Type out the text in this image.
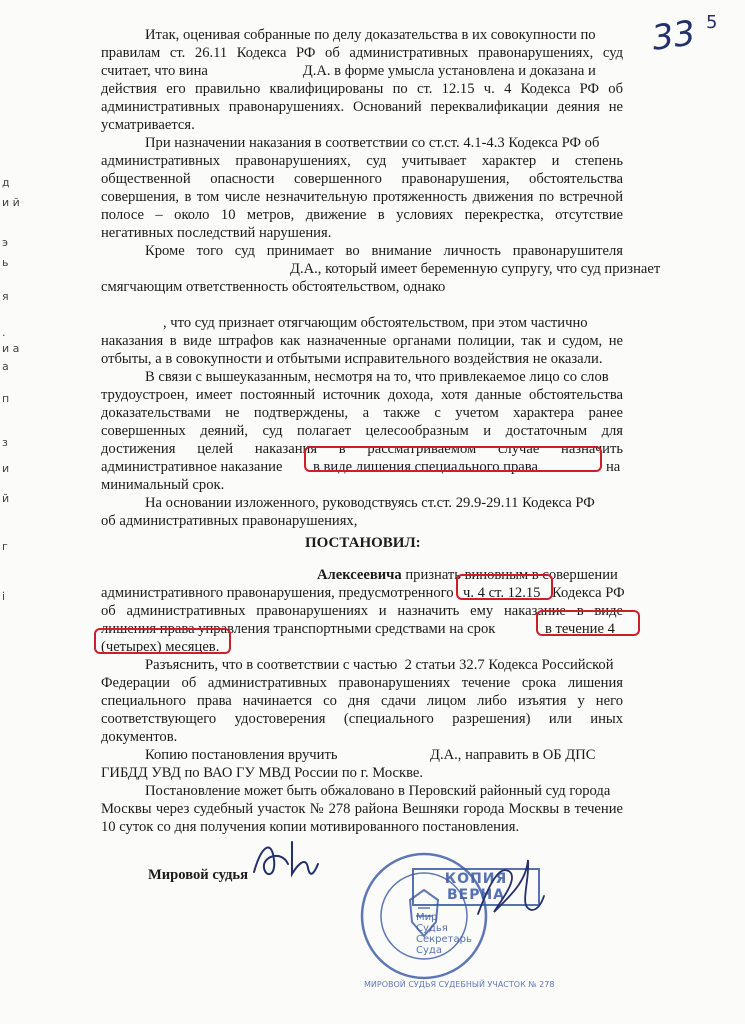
33 5
д
и й
э
ь
я
.
и а
а
п
з
и
й
г
і
Итак, оценивая собранные по делу доказательства в их совокупности по
правилам ст. 26.11 Кодекса РФ об административных правонарушениях, суд
считает, что вина                          Д.А. в форме умысла установлена и доказана и
действия его правильно квалифицированы по ст. 12.15 ч. 4 Кодекса РФ об
административных правонарушениях. Оснований переквалификации деяния не
усматривается.
При назначении наказания в соответствии со ст.ст. 4.1-4.3 Кодекса РФ об
административных правонарушениях, суд учитывает характер и степень
общественной опасности совершенного правонарушения, обстоятельства
совершения, в том числе незначительную протяженность движения по встречной
полосе – около 10 метров, движение в условиях перекрестка, отсутствие
негативных последствий нарушения.
Кроме того суд принимает во внимание личность правонарушителя
Д.А., который имеет беременную супругу, что суд признает
смягчающим ответственность обстоятельством, однако
, что суд признает отягчающим обстоятельством, при этом частично
наказания в виде штрафов как назначенные органами полиции, так и судом, не
отбыты, а в совокупности и отбытыми исправительного воздействия не оказали.
В связи с вышеуказанным, несмотря на то, что привлекаемое лицо со слов
трудоустроен, имеет постоянный источник дохода, хотя данные обстоятельства
доказательствами не подтверждены, а также с учетом характера ранее
совершенных деяний, суд полагает целесообразным и достаточным для
достижения целей наказания в рассматриваемом случае назначить
административное наказание в виде лишения специального права	на
минимальный срок.
На основании изложенного, руководствуясь ст.ст. 29.9-29.11 Кодекса РФ
об административных правонарушениях,
ПОСТАНОВИЛ:
Алексеевича признать виновным в совершении
административного правонарушения, предусмотренного ч. 4 ст. 12.15 Кодекса РФ
об административных правонарушениях и назначить ему наказание в виде
лишения права управления транспортными средствами на срок	в течение 4
(четырех) месяцев.
Разъяснить, что в соответствии с частью  2 статьи 32.7 Кодекса Российской
Федерации об административных правонарушениях течение срока лишения
специального права начинается со дня сдачи лицом либо изъятия у него
соответствующего удостоверения (специального разрешения) или иных
документов.
Копию постановления вручить	Д.А., направить в ОБ ДПС
ГИБДД УВД по ВАО ГУ МВД России по г. Москве.
Постановление может быть обжаловано в Перовский районный суд города
Москвы через судебный участок № 278 района Вешняки города Москвы в течение
10 суток со дня получения копии мотивированного постановления.
Мировой судья
МИРОВОЙ СУДЬЯ СУДЕБНЫЙ УЧАСТОК № 278
КОПИЯ ВЕРНА
Мир
Судья
Секретарь
Суда
